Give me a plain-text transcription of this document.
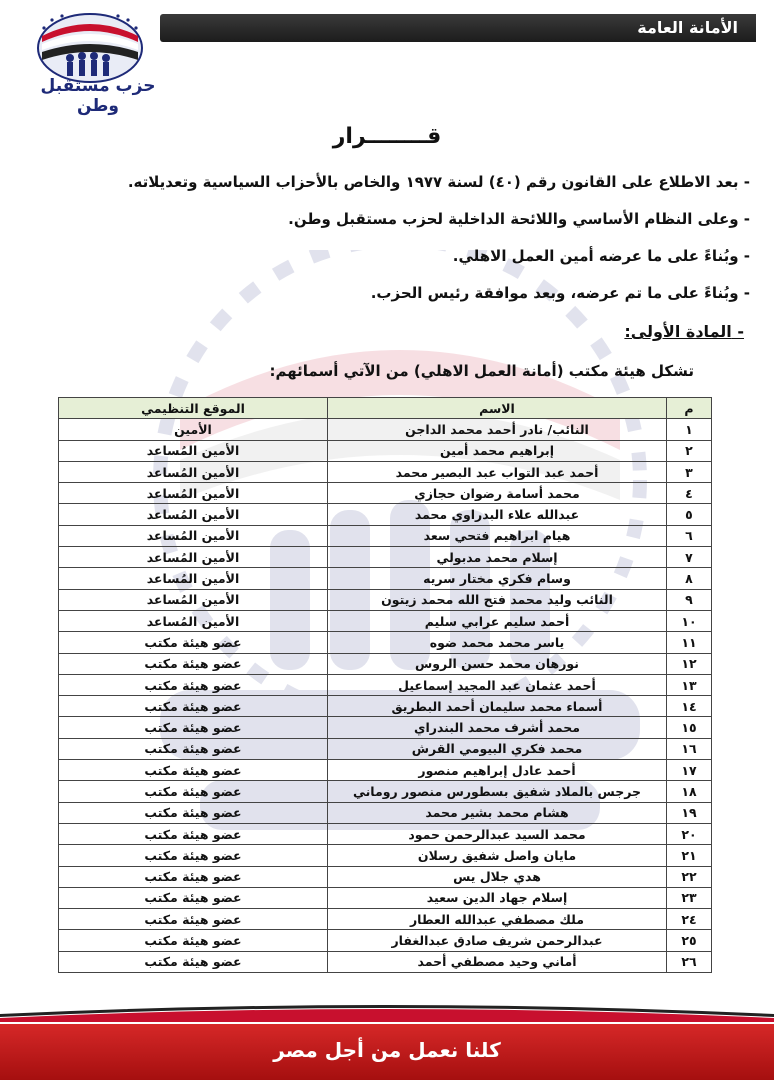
الأمانة العامة
حزب مستقبل وطن
قــــــــرار
- بعد الاطلاع على القانون رقم (٤٠) لسنة ١٩٧٧ والخاص بالأحزاب السياسية وتعديلاته.
- وعلى النظام الأساسي واللائحة الداخلية لحزب مستقبل وطن.
- وبُناءً على ما عرضه أمين العمل الاهلي.
- وبُناءً على ما تم عرضه، وبعد موافقة رئيس الحزب.
- المادة الأولى:
تشكل هيئة مكتب (أمانة العمل الاهلي) من الآتي أسمائهم:
م	الاسم	الموقع التنظيمي
١	النائب/ نادر أحمد محمد الداجن	الأمين
٢	إبراهيم محمد أمين	الأمين المُساعد
٣	أحمد عبد التواب عبد البصير محمد	الأمين المُساعد
٤	محمد أسامة رضوان حجازي	الأمين المُساعد
٥	عبدالله علاء البدراوي محمد	الأمين المُساعد
٦	هيام ابراهيم فتحي سعد	الأمين المُساعد
٧	إسلام محمد مدبولي	الأمين المُساعد
٨	وسام فكري مختار سريه	الأمين المُساعد
٩	النائب وليد محمد فتح الله محمد زيتون	الأمين المُساعد
١٠	أحمد سليم عرابي سليم	الأمين المُساعد
١١	ياسر محمد محمد ضوه	عضو هيئة مكتب
١٢	نورهان محمد حسن الروس	عضو هيئة مكتب
١٣	أحمد عثمان عبد المجيد إسماعيل	عضو هيئة مكتب
١٤	أسماء محمد سليمان أحمد البطريق	عضو هيئة مكتب
١٥	محمد أشرف محمد البندراي	عضو هيئة مكتب
١٦	محمد فكري البيومي القرش	عضو هيئة مكتب
١٧	أحمد عادل إبراهيم منصور	عضو هيئة مكتب
١٨	جرجس بالملاد شفيق بسطورس منصور روماني	عضو هيئة مكتب
١٩	هشام محمد بشير محمد	عضو هيئة مكتب
٢٠	محمد السيد عبدالرحمن حمود	عضو هيئة مكتب
٢١	مايان واصل شفيق رسلان	عضو هيئة مكتب
٢٢	هدي جلال يس	عضو هيئة مكتب
٢٣	إسلام جهاد الدين سعيد	عضو هيئة مكتب
٢٤	ملك مصطفي عبدالله العطار	عضو هيئة مكتب
٢٥	عبدالرحمن شريف صادق عبدالغفار	عضو هيئة مكتب
٢٦	أماني وحيد مصطفي أحمد	عضو هيئة مكتب
كلنا نعمل من أجل مصر
